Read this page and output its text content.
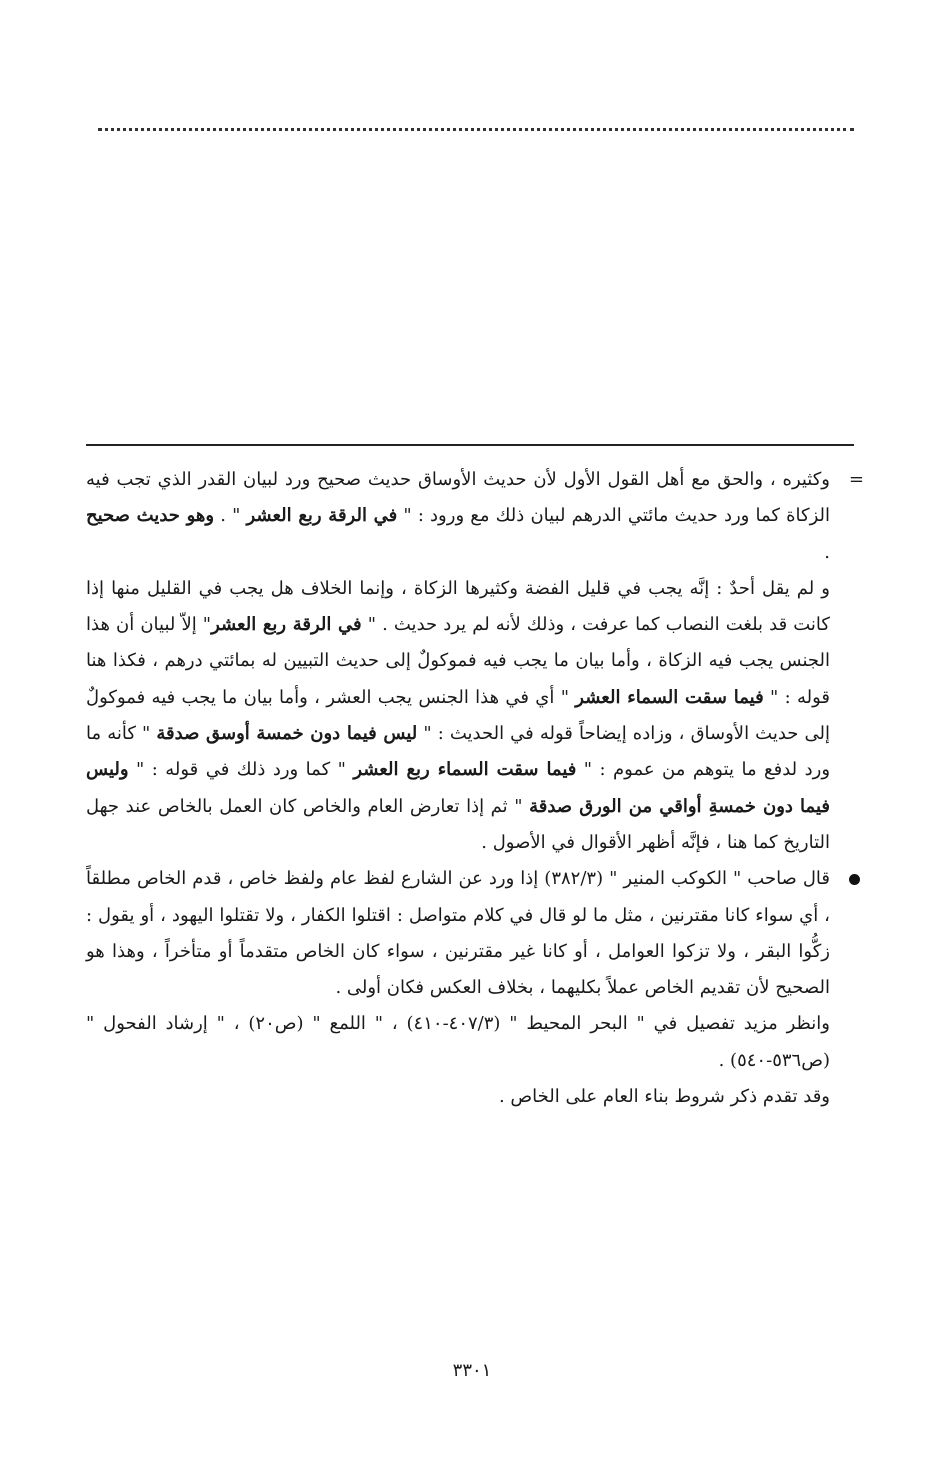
=
وكثيره ، والحق مع أهل القول الأول لأن حديث الأوساق حديث صحيح ورد لبيان القدر الذي تجب فيه الزكاة كما ورد حديث مائتي الدرهم لبيان ذلك مع ورود : " في الرقة ربع العشر " . وهو حديث صحيح .

و لم يقل أحدٌ : إنَّه يجب في قليل الفضة وكثيرها الزكاة ، وإنما الخلاف هل يجب في القليل منها إذا كانت قد بلغت النصاب كما عرفت ، وذلك لأنه لم يرد حديث . " في الرقة ربع العشر" إلاّ لبيان أن هذا الجنس يجب فيه الزكاة ، وأما بيان ما يجب فيه فموكولٌ إلى حديث التبيين له بمائتي درهم ، فكذا هنا قوله : " فيما سقت السماء العشر " أي في هذا الجنس يجب العشر ، وأما بيان ما يجب فيه فموكولٌ إلى حديث الأوساق ، وزاده إيضاحاً قوله في الحديث : " ليس فيما دون خمسة أوسق صدقة " كأنه ما ورد لدفع ما يتوهم من عموم : " فيما سقت السماء ربع العشر " كما ورد ذلك في قوله : " وليس فيما دون خمسةِ أواقي من الورق صدقة " ثم إذا تعارض العام والخاص كان العمل بالخاص عند جهل التاريخ كما هنا ، فإنَّه أظهر الأقوال في الأصول .

قال صاحب " الكوكب المنير " (٣٨٢/٣) إذا ورد عن الشارع لفظ عام ولفظ خاص ، قدم الخاص مطلقاً ، أي سواء كانا مقترنين ، مثل ما لو قال في كلام متواصل : اقتلوا الكفار ، ولا تقتلوا اليهود ، أو يقول : زكُّوا البقر ، ولا تزكوا العوامل ، أو كانا غير مقترنين ، سواء كان الخاص متقدماً أو متأخراً ، وهذا هو الصحيح لأن تقديم الخاص عملاً بكليهما ، بخلاف العكس فكان أولى .

وانظر مزيد تفصيل في " البحر المحيط " (٤٠٧/٣-٤١٠) ، " اللمع " (ص٢٠) ، " إرشاد الفحول " (ص٥٣٦-٥٤٠) .

وقد تقدم ذكر شروط بناء العام على الخاص .

٣٣٠١
